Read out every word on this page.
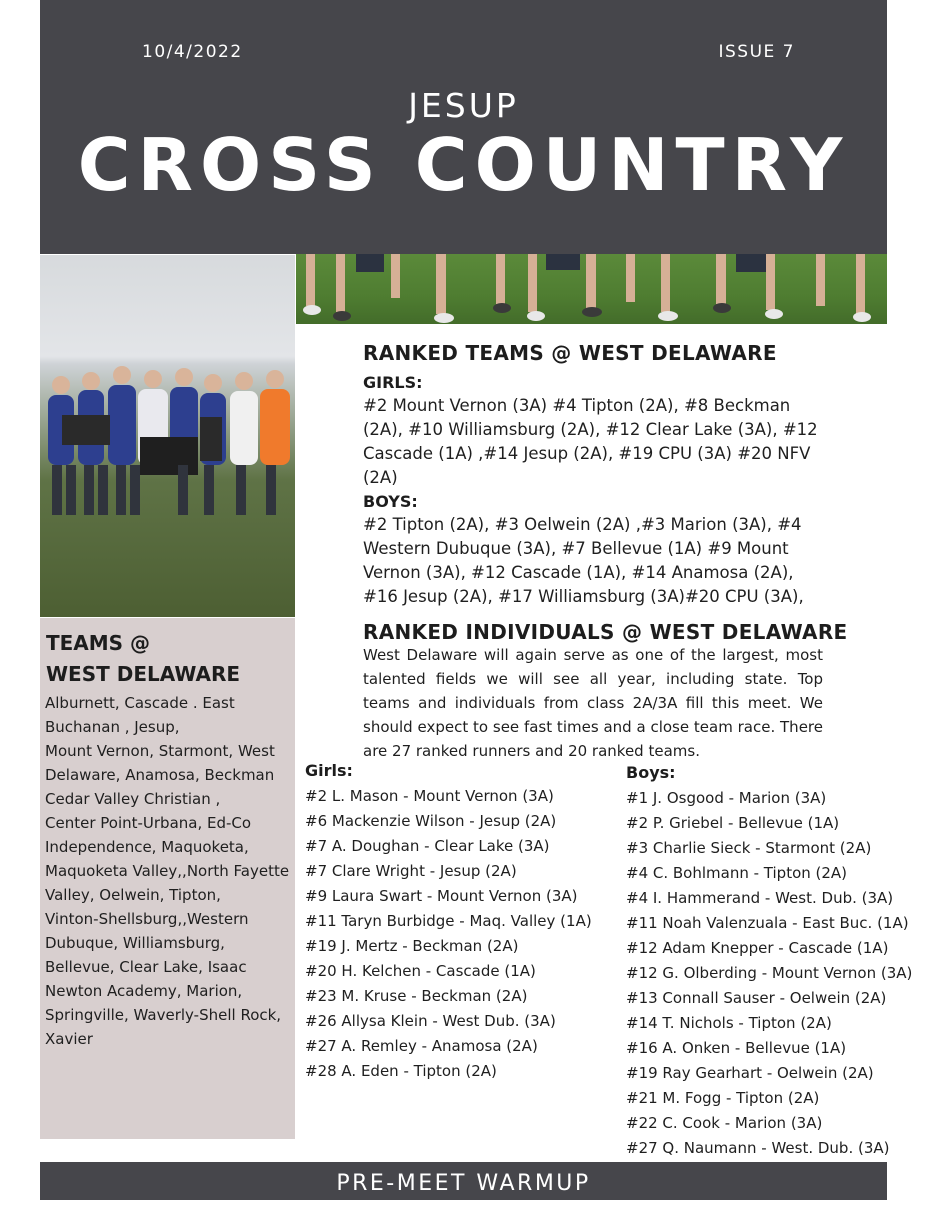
10/4/2022	ISSUE 7
JESUP
CROSS COUNTRY
TEAMS @
WEST DELAWARE
Alburnett, Cascade . East
Buchanan , Jesup,
Mount Vernon, Starmont, West
Delaware, Anamosa, Beckman
Cedar Valley Christian ,
Center Point-Urbana, Ed-Co
Independence, Maquoketa,
Maquoketa Valley,,North Fayette
Valley, Oelwein, Tipton,
Vinton-Shellsburg,,Western
Dubuque, Williamsburg,
Bellevue, Clear Lake, Isaac
Newton Academy, Marion,
Springville, Waverly-Shell Rock,
Xavier
RANKED TEAMS @ WEST DELAWARE
GIRLS:
#2 Mount Vernon (3A) #4 Tipton (2A), #8 Beckman (2A), #10 Williamsburg (2A), #12 Clear Lake (3A), #12 Cascade (1A) ,#14 Jesup (2A), #19 CPU (3A) #20 NFV (2A)
BOYS:
#2 Tipton (2A), #3 Oelwein (2A) ,#3 Marion (3A), #4 Western Dubuque (3A), #7 Bellevue (1A) #9 Mount Vernon (3A), #12 Cascade (1A), #14 Anamosa (2A), #16 Jesup (2A), #17 Williamsburg (3A)#20 CPU (3A),
RANKED INDIVIDUALS @ WEST DELAWARE
West Delaware will again serve as one of the largest, most talented fields we will see all year, including state. Top teams and individuals from class 2A/3A fill this meet. We should expect to see fast times and a close team race. There are 27 ranked runners and 20 ranked teams.
Girls:
#2 L. Mason - Mount Vernon (3A)
#6 Mackenzie Wilson - Jesup (2A)
#7 A. Doughan - Clear Lake (3A)
#7 Clare Wright - Jesup (2A)
#9 Laura Swart - Mount Vernon (3A)
#11 Taryn Burbidge - Maq. Valley (1A)
#19 J. Mertz - Beckman (2A)
#20 H. Kelchen - Cascade (1A)
#23 M. Kruse - Beckman (2A)
#26 Allysa Klein - West Dub. (3A)
#27 A. Remley - Anamosa (2A)
#28 A. Eden - Tipton (2A)
Boys:
#1 J. Osgood - Marion (3A)
#2 P. Griebel - Bellevue (1A)
#3 Charlie Sieck - Starmont (2A)
#4 C. Bohlmann - Tipton (2A)
#4 I. Hammerand - West. Dub. (3A)
#11 Noah Valenzuala - East Buc. (1A)
#12 Adam Knepper - Cascade (1A)
#12 G. Olberding - Mount Vernon (3A)
#13 Connall Sauser - Oelwein (2A)
#14 T. Nichols - Tipton (2A)
#16 A. Onken - Bellevue (1A)
#19 Ray Gearhart - Oelwein (2A)
#21 M. Fogg - Tipton (2A)
#22 C. Cook - Marion (3A)
#27 Q. Naumann - West. Dub. (3A)
PRE-MEET WARMUP
